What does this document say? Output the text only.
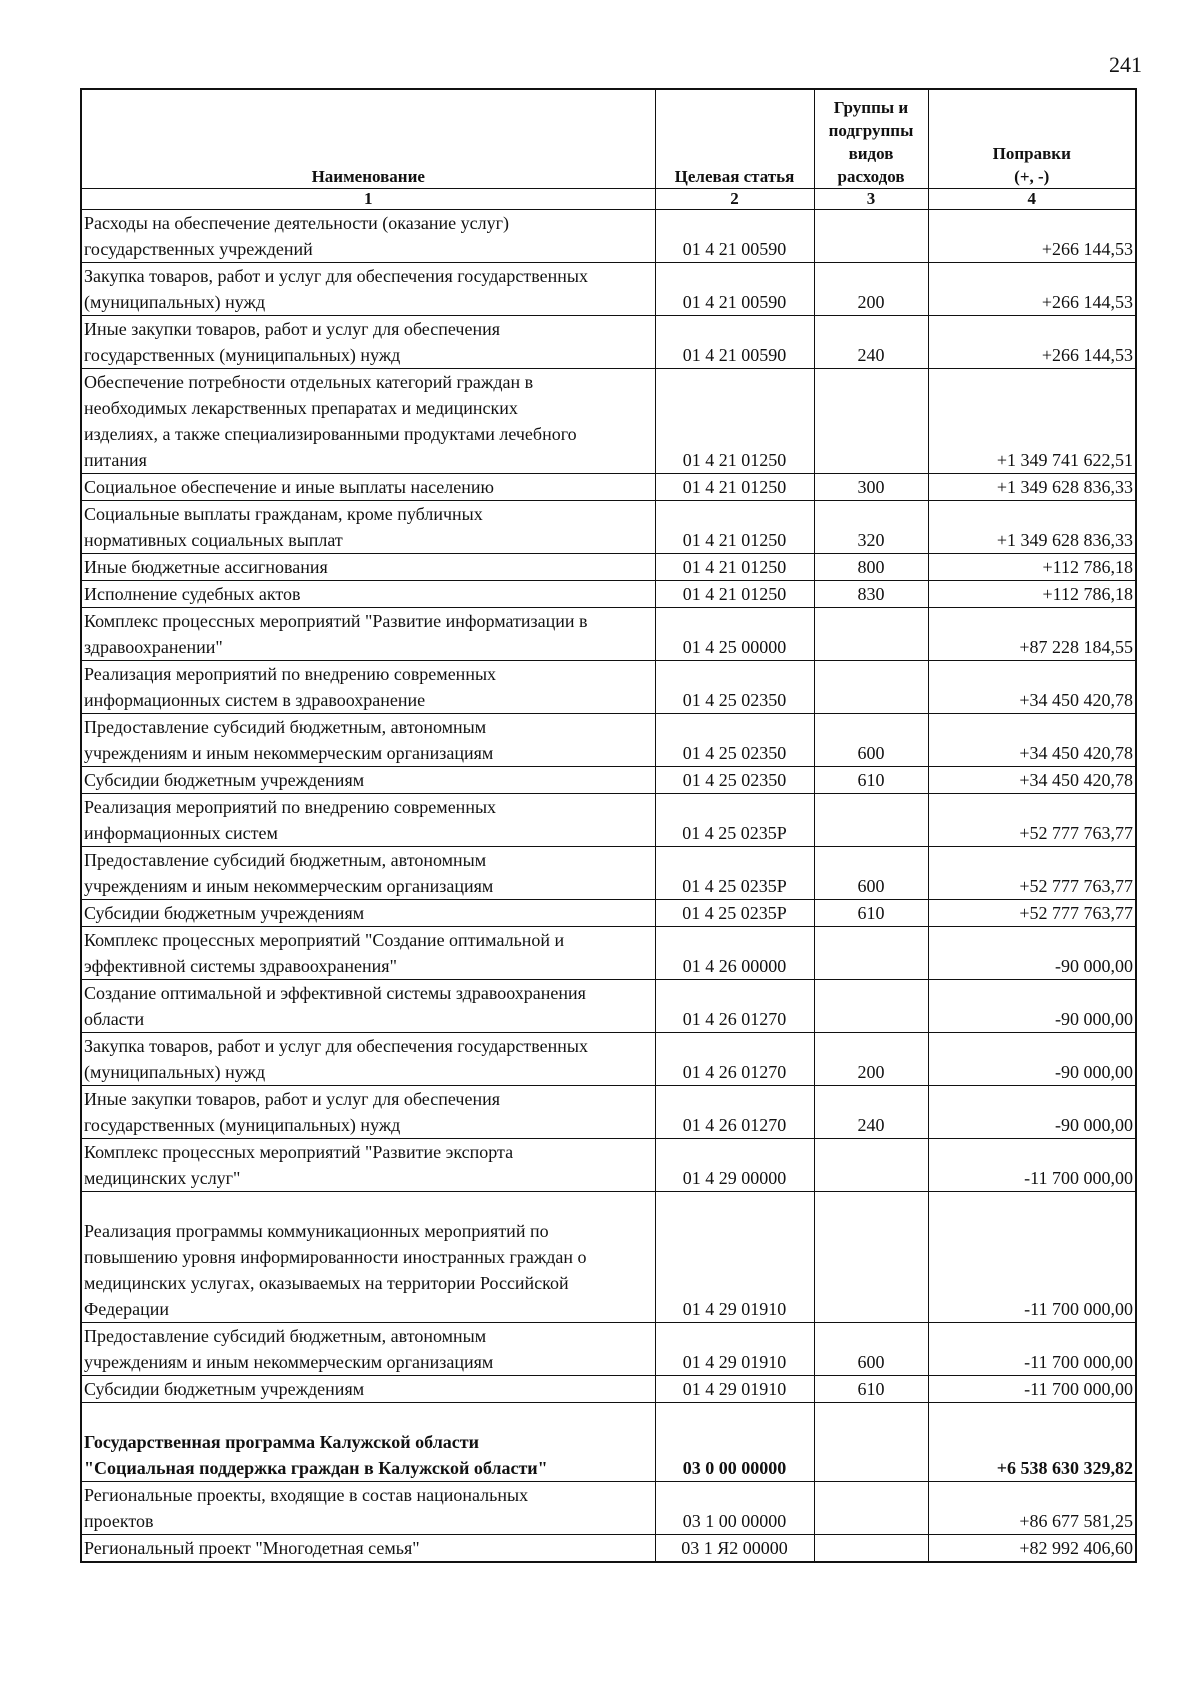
241
Наименование	Целевая статья	Группы и
подгруппы
видов
расходов	Поправки
(+, -)
1	2	3	4

Расходы на обеспечение деятельности (оказание услуг)
государственных учреждений	01 4 21 00590		+266 144,53

Закупка товаров, работ и услуг для обеспечения государственных
(муниципальных) нужд	01 4 21 00590	200	+266 144,53

Иные закупки товаров, работ и услуг для обеспечения
государственных (муниципальных) нужд	01 4 21 00590	240	+266 144,53

Обеспечение потребности отдельных категорий граждан в
необходимых лекарственных препаратах и медицинских
изделиях, а также специализированными продуктами лечебного
питания	01 4 21 01250		+1 349 741 622,51

Социальное обеспечение и иные выплаты населению	01 4 21 01250	300	+1 349 628 836,33

Социальные выплаты гражданам, кроме публичных
нормативных социальных выплат	01 4 21 01250	320	+1 349 628 836,33

Иные бюджетные ассигнования	01 4 21 01250	800	+112 786,18

Исполнение судебных актов	01 4 21 01250	830	+112 786,18

Комплекс процессных мероприятий "Развитие информатизации в
здравоохранении"	01 4 25 00000		+87 228 184,55

Реализация мероприятий по внедрению современных
информационных систем в здравоохранение	01 4 25 02350		+34 450 420,78

Предоставление субсидий бюджетным, автономным
учреждениям и иным некоммерческим организациям	01 4 25 02350	600	+34 450 420,78

Субсидии бюджетным учреждениям	01 4 25 02350	610	+34 450 420,78

Реализация мероприятий по внедрению современных
информационных систем	01 4 25 0235Р		+52 777 763,77

Предоставление субсидий бюджетным, автономным
учреждениям и иным некоммерческим организациям	01 4 25 0235Р	600	+52 777 763,77

Субсидии бюджетным учреждениям	01 4 25 0235Р	610	+52 777 763,77

Комплекс процессных мероприятий "Создание оптимальной и
эффективной системы здравоохранения"	01 4 26 00000		-90 000,00

Создание оптимальной и эффективной системы здравоохранения
области	01 4 26 01270		-90 000,00

Закупка товаров, работ и услуг для обеспечения государственных
(муниципальных) нужд	01 4 26 01270	200	-90 000,00

Иные закупки товаров, работ и услуг для обеспечения
государственных (муниципальных) нужд	01 4 26 01270	240	-90 000,00

Комплекс процессных мероприятий "Развитие экспорта
медицинских услуг"	01 4 29 00000		-11 700 000,00

Реализация программы коммуникационных мероприятий по
повышению уровня информированности иностранных граждан о
медицинских услугах, оказываемых на территории Российской
Федерации	01 4 29 01910		-11 700 000,00

Предоставление субсидий бюджетным, автономным
учреждениям и иным некоммерческим организациям	01 4 29 01910	600	-11 700 000,00

Субсидии бюджетным учреждениям	01 4 29 01910	610	-11 700 000,00

Государственная программа Калужской области
"Социальная поддержка граждан в Калужской области"	03 0 00 00000		+6 538 630 329,82

Региональные проекты, входящие в состав национальных
проектов	03 1 00 00000		+86 677 581,25

Региональный проект "Многодетная семья"	03 1 Я2 00000		+82 992 406,60
